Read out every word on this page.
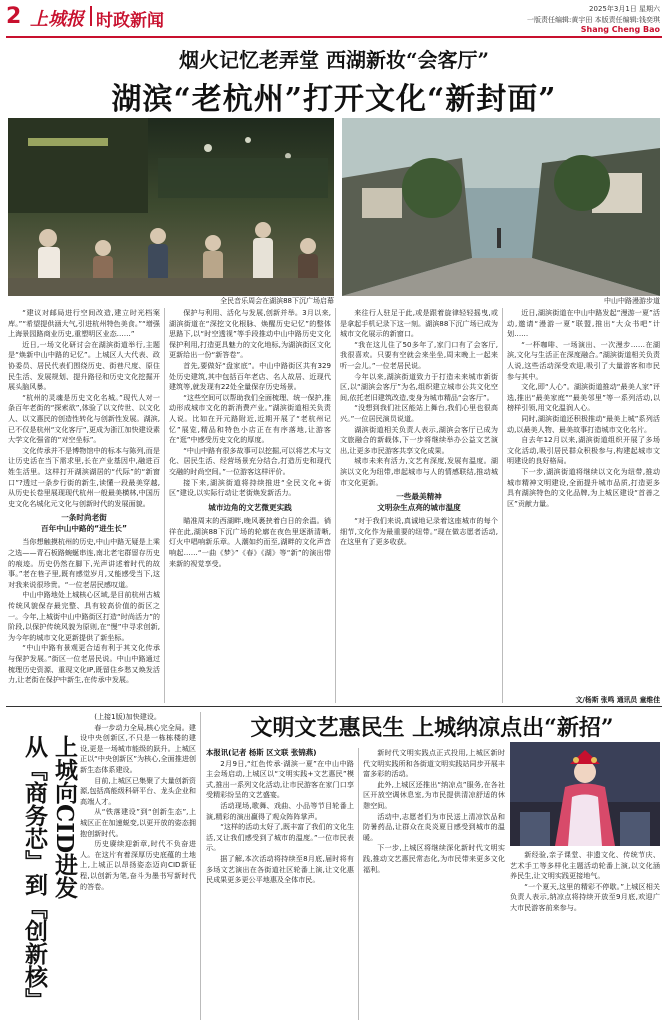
2 上城报 时政新闻
2025年3月1日 星期六
一版责任编辑:黄宇田 本版责任编辑:钱奕琪
Shang Cheng Bao
烟火记忆老弄堂 西湖新妆“会客厅”
湖滨“老杭州”打开文化“新封面”
全民音乐周会在湖滨88下沉广场启幕	中山中路漫游步道

“建议对邮局进行空间改造,建立时光档案库。”“希望提供涵大气,引进杭州特色美食。”“增强上海景园路商业历史,重塑明区业态……”

近日,一场文化研讨会在湖滨街道举行,主题是“焕新中山中路的记忆”。上城区人大代表、政协委员、居民代表们围绕历史、街巷尺度、原住民生活、发展规划、提升路径和历史文化挖掘开展头脑风暴。

“杭州的灵魂是历史文化名城。”现代人对一条百年老街的“探索欲”,体验了以文传世、以文化人、以文惠民的创造性转化与创新性发展。湖滨,已不仅是杭州“文化客厅”,更成为浙江加快建设素大学文化强省的“对空坐标”。

文化传承并不是博物馆中的标本与陈列,而是让历史活在当下需求里,长在产业基因中,融进百姓生活里。这样打开湖滨湖居的“代际”的“新窗口”?透过一条步行街的新生,读懂一段最美穿越,从历史长卷里展现现代杭州一般最美横林,中国历史文化名城化元文化与创新时代的发展面貌。

一条时尚老街
百年中山中路的“进生长”

当你想触摸杭州的历史,中山中路无疑是上乘之选——青石板路蜿蜒串连,南北老宅群留存历史的痕迹。历史仍然在脚下,光声讲述着时代的故事。”老在巷子里,既有感觉岁月,又能感受当下,这对我来说很珍贵。“一位老居民感叹道。

中山中路地处上城核心区域,是目前杭州古城传统风貌保存最完整、具有较高价值的街区之一。今年,上城街中山中路街区打造“时尚活力”的阶段,以保护传统风貌为原则,在“慢”中寻求创新,为今年的城市文化更新提供了新坐标。

“中山中路有景观更合适有利于其文化传承与保护发展。”街区一位老居民说。中山中路通过梳理历史资源、重现文化IP,既留住乡愁又焕发活力,让老街在保护中新生,在传承中发展。

保护与利用、活化与发展,创新并举。3月以来,湖滨街道在“深挖文化根脉、焕醒历史记忆”的整体思路下,以“时空透视”等手段推动中山中路历史文化保护利用,打造更具魅力的文化地标,为湖滨街区文化更新给出一份“新答卷”。

首先,要做好“盘家底”。中山中路街区共有329处历史建筑,其中包括百年老店、名人故居、近现代建筑等,就发现有22处全量保存历史场景。

“这些空间可以帮助我们全面梳理、统一保护,推动形成城市文化的新消费产业。”湖滨街道相关负责人说。比如在开元路附近,近期开展了“老杭州记忆”展览,精品和特色小店正在有序落地,让游客在“逛”中感受历史文化的厚度。

“中山中路有很多故事可以挖掘,可以将艺术与文化、居民生活、经营场景充分结合,打造历史和现代交融的时尚空间。”一位游客这样评价。

接下来,湖滨街道将持续推进“全民文化+街区”建设,以实际行动让老街焕发新活力。

城市边角的文艺微更实践

瞄准周末的西湖畔,晚风裹挟着白日的余温。徜徉在此,湖滨88下沉广场的轮廓在夜色里逐渐清晰,灯火中唱响新乐章。人潮如约而至,湖畔的文化声音响起……“一曲《梦》”《春》《湖》等“新”的演出带来新的视觉享受。

来往行人驻足于此,或是跟着旋律轻轻摇曳,或是拿起手机记录下这一刻。湖滨88下沉广场已成为城市文化展示的新窗口。

“我在这儿住了50多年了,家门口有了会客厅,我很喜欢。只要有空就会来坐坐,周末晚上一起来听一会儿。”一位老居民说。

今年以来,湖滨街道致力于打造未来城市新街区,以“湖滨会客厅”为名,组织建立城市公共文化空间,依托老旧建筑改造,变身为城市精品“会客厅”。

“没想到我们社区能站上舞台,我们心里也很高兴。”一位居民演员说道。

湖滨街道相关负责人表示,湖滨会客厅已成为文旅融合的新载体,下一步将继续举办公益文艺演出,让更多市民游客共享文化成果。

城市未来有活力,文艺有深度,发展有温度。湖滨以文化为纽带,串起城市与人的情感联结,推动城市文化更新。

一些最美精神
文明杂生点亮的城市温度

“对于我们来说,真诚地记录着这座城市的每个细节,文化作为最重要的纽带。”现在做志愿者活动,在这里有了更多收获。

近日,湖滨街道在中山中路发起“漫游一夏”活动,邀请“漫游一夏”联盟,推出“大众书吧”计划……

“一杯咖啡、一场演出、一次漫步……在湖滨,文化与生活正在深度融合。”湖滨街道相关负责人说,这些活动深受欢迎,吸引了大量游客和市民参与其中。

文化,即“人心”。湖滨街道推动“最美人家”评选,推出“最美家庭”“最美邻里”等一系列活动,以榜样引领,用文化温润人心。

同时,湖滨街道还积极推动“最美上城”系列活动,以最美人物、最美故事打造城市文化名片。

自去年12月以来,湖滨街道组织开展了多场文化活动,吸引居民群众积极参与,构建起城市文明建设的良好格局。

下一步,湖滨街道将继续以文化为纽带,推动城市精神文明建设,全面提升城市品质,打造更多具有湖滨特色的文化品牌,为上城区建设“首善之区”贡献力量。

文/杨斯 张鸣 通讯员 童维佳
从『商务芯』到『创新核』 上城向CID进发

(上接1版)加快建设。

春一步动力全局,核心完全局。建设中央创新区,不只是一栋栋楼的建设,更是一场城市能级的跃升。上城区正以“中央创新区”为核心,全面推进创新生态体系建设。

目前,上城区已集聚了大量创新资源,包括高能级科研平台、龙头企业和高端人才。

从“铁落建设”到“创新生态”,上城区正在加速蜕变,以更开放的姿态拥抱创新时代。

历史赓续迎新章,时代不负奋进人。在这片有着深厚历史底蕴的土地上,上城正以昂扬姿态迈向CID新征程,以创新为笔,奋斗为墨书写新时代的答卷。

文明文艺惠民生 上城纳凉点出“新招”

本报讯(记者 杨斯 区文联 张锦燕)

2月9日,“红色传承·湖滨一夏”在中山中路主会场启动,上城区以“文明实践+文艺惠民”模式,推出一系列文化活动,让市民游客在家门口享受精彩纷呈的文艺盛宴。

活动现场,歌舞、戏曲、小品等节目轮番上演,精彩的演出赢得了观众阵阵掌声。

“这样的活动太好了,既丰富了我们的文化生活,又让我们感受到了城市的温度。”一位市民表示。

据了解,本次活动将持续至8月底,届时将有多场文艺演出在各街道社区轮番上演,让文化惠民成果更多更公平地惠及全体市民。

新时代文明实践点正式投用,上城区新时代文明实践所和各街道文明实践站同步开展丰富多彩的活动。

此外,上城区还推出“纳凉点”服务,在各社区开放空调休息室,为市民提供清凉舒适的休憩空间。

活动中,志愿者们为市民送上清凉饮品和防暑药品,让群众在炎炎夏日感受到城市的温暖。

下一步,上城区将继续深化新时代文明实践,推动文艺惠民常态化,为市民带来更多文化福利。

新经验,亲子课堂、非遗文化、传统节庆、艺术手工等多样化主题活动轮番上演,以文化涵养民生,让文明实践更接地气。

“一个夏天,这里的精彩不停歇。”上城区相关负责人表示,纳凉点将持续开放至9月底,欢迎广大市民游客前来参与。
